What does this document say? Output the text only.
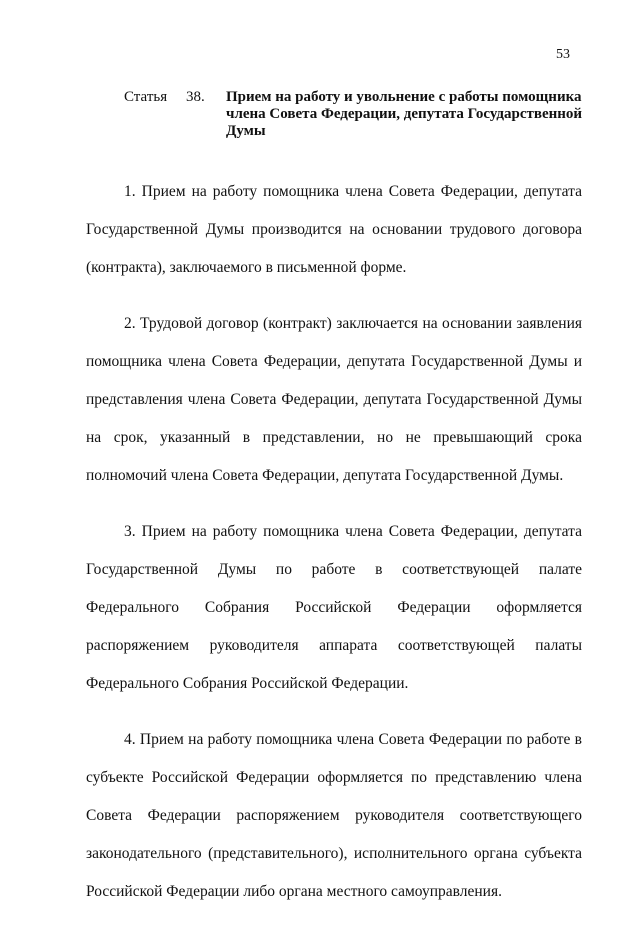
53
Статья	38.	Прием на работу и увольнение с работы помощника члена Совета Федерации, депутата Государственной Думы

1. Прием на работу помощника члена Совета Федерации, депутата Государственной Думы производится на основании трудового договора (контракта), заключаемого в письменной форме.

2. Трудовой договор (контракт) заключается на основании заявления помощника члена Совета Федерации, депутата Государственной Думы и представления члена Совета Федерации, депутата Государственной Думы на срок, указанный в представлении, но не превышающий срока полномочий члена Совета Федерации, депутата Государственной Думы.

3. Прием на работу помощника члена Совета Федерации, депутата Государственной Думы по работе в соответствующей палате Федерального Собрания Российской Федерации оформляется распоряжением руководителя аппарата соответствующей палаты Федерального Собрания Российской Федерации.

4. Прием на работу помощника члена Совета Федерации по работе в субъекте Российской Федерации оформляется по представлению члена Совета Федерации распоряжением руководителя соответствующего законодательного (представительного), исполнительного органа субъекта Российской Федерации либо органа местного самоуправления.
